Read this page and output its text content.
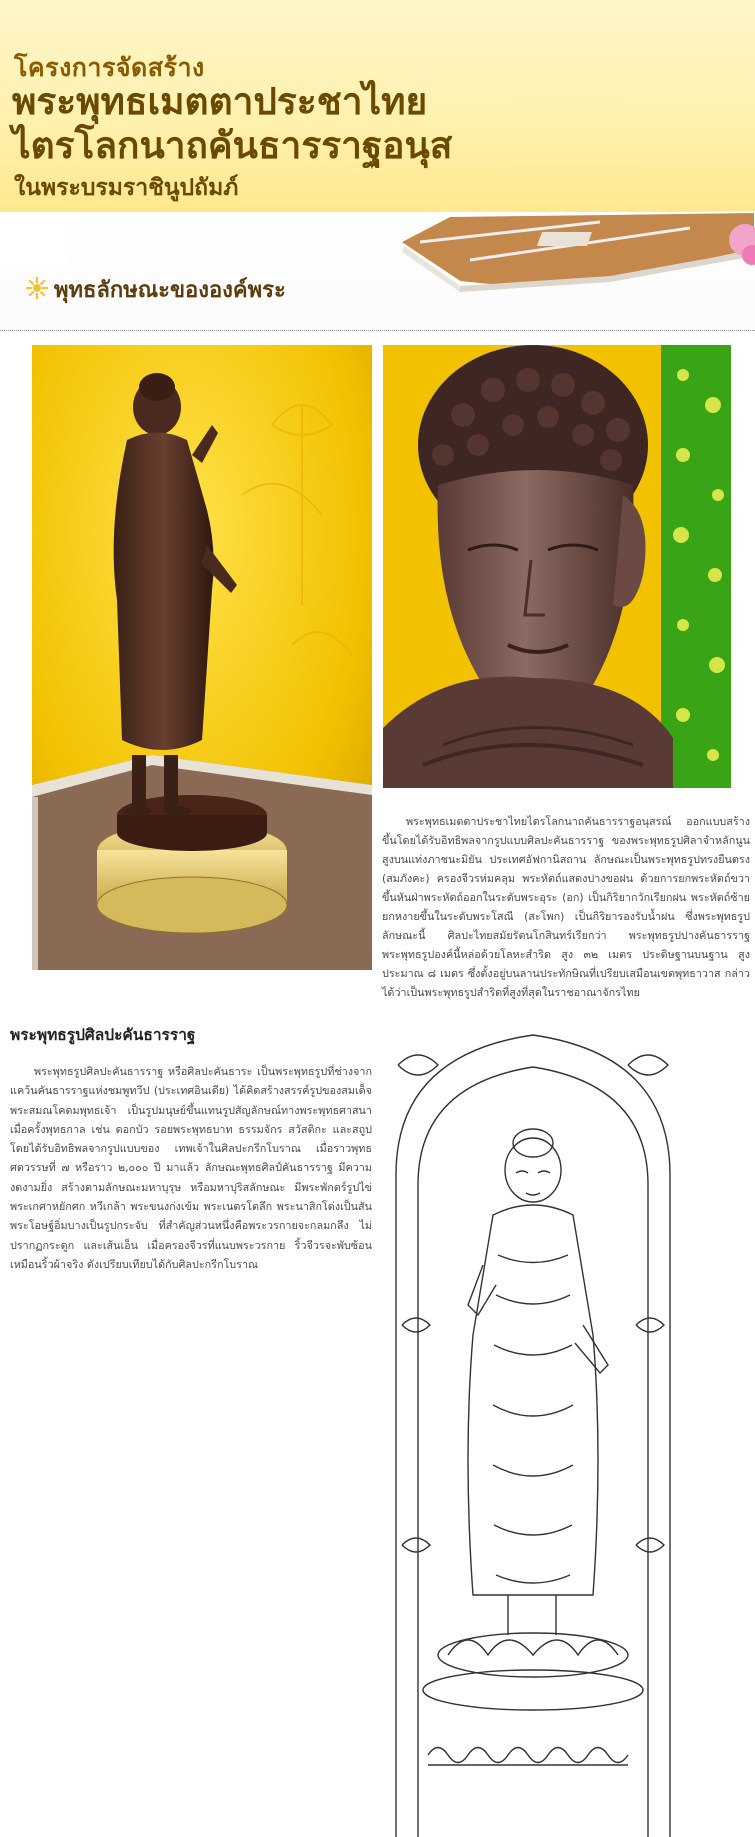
โครงการจัดสร้าง
พระพุทธเมตตาประชาไทย
ไตรโลกนาถคันธารราฐอนุส
ในพระบรมราชินูปถัมภ์
พุทธลักษณะขององค์พระ
พระพุทธเมตตาประชาไทยไตรโลกนาถคันธารราฐอนุสรณ์ ออกแบบสร้างขึ้นโดยได้รับอิทธิพลจากรูปแบบศิลปะคันธารราฐ ของพระพุทธรูปศิลาจำหลักนูนสูงบนแท่งภาชนะมิยัน ประเทศอัฟกานิสถาน ลักษณะเป็นพระพุทธรูปทรงยืนตรง (สมภังคะ) ครองจีวรห่มคลุม พระหัตถ์แสดงปางขอฝน ด้วยการยกพระหัตถ์ขวาขึ้นหันฝ่าพระหัตถ์ออกในระดับพระอุระ (อก) เป็นกิริยากวักเรียกฝน พระหัตถ์ซ้ายยกหงายขึ้นในระดับพระโสณี (สะโพก) เป็นกิริยารองรับน้ำฝน ซึ่งพระพุทธรูปลักษณะนี้ ศิลปะไทยสมัยรัตนโกสินทร์เรียกว่า พระพุทธรูปปางคันธารราฐ พระพุทธรูปองค์นี้หล่อด้วยโลหะสำริด สูง ๓๒ เมตร ประดิษฐานบนฐาน สูงประมาณ ๘ เมตร ซึ่งตั้งอยู่บนลานประทักษิณที่เปรียบเสมือนเขตพุทธาวาส กล่าวได้ว่าเป็นพระพุทธรูปสำริดที่สูงที่สุดในราชอาณาจักรไทย
พระพุทธรูปศิลปะคันธารราฐ
พระพุทธรูปศิลปะคันธารราฐ หรือศิลปะคันธาระ เป็นพระพุทธรูปที่ช่างจากแคว้นคันธารราฐแห่งชมพูทวีป (ประเทศอินเดีย) ได้คิดสร้างสรรค์รูปของสมเด็จพระสมณโคดมพุทธเจ้า เป็นรูปมนุษย์ขึ้นแทนรูปสัญลักษณ์ทางพระพุทธศาสนา เมื่อครั้งพุทธกาล เช่น ดอกบัว รอยพระพุทธบาท ธรรมจักร สวัสติกะ และสถูป โดยได้รับอิทธิพลจากรูปแบบของ เทพเจ้าในศิลปะกรีกโบราณ เมื่อราวพุทธศตวรรษที่ ๗ หรือราว ๒,๐๐๐ ปี มาแล้ว ลักษณะพุทธศิลป์คันธารราฐ มีความงดงามยิ่ง สร้างตามลักษณะมหาบุรุษ หรือมหาปุริสลักษณะ มีพระพักตร์รูปไข่ พระเกศาหยักศก หวีเกล้า พระขนงก่งเข้ม พระเนตรโตลึก พระนาสิกโด่งเป็นสัน พระโอษฐ์อิ่มบางเป็นรูปกระจับ ที่สำคัญส่วนหนึ่งคือพระวรกายจะกลมกลึง ไม่ปรากฏกระดูก และเส้นเอ็น เมื่อครองจีวรที่แนบพระวรกาย ริ้วจีวรจะพับซ้อน เหมือนริ้วผ้าจริง ดังเปรียบเทียบได้กับศิลปะกรีกโบราณ
